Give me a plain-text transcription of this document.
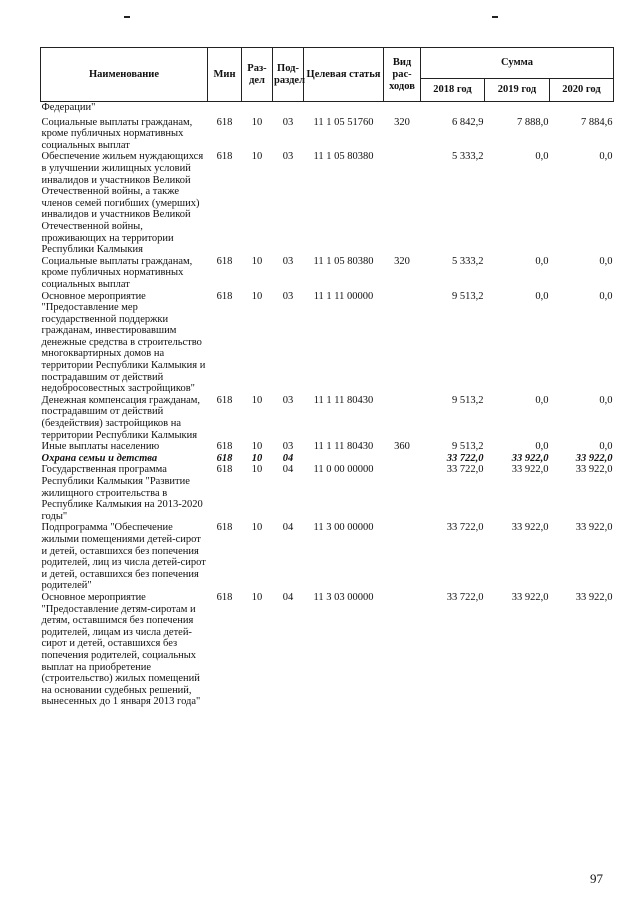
Наименование	Мин	Раз-дел	Под-раздел	Целевая статья	Вид рас-ходов	Сумма		
						2018 год	2019 год	2020 год
Федерации"								
Социальные выплаты гражданам, кроме публичных нормативных социальных выплат	618	10	03	11 1 05 51760	320	6 842,9	7 888,0	7 884,6
Обеспечение жильем нуждающихся в улучшении жилищных условий инвалидов и участников Великой Отечественной войны, а также членов семей погибших (умерших) инвалидов и участников Великой Отечественной войны, проживающих на территории Республики Калмыкия	618	10	03	11 1 05 80380		5 333,2	0,0	0,0
Социальные выплаты гражданам, кроме публичных нормативных социальных выплат	618	10	03	11 1 05 80380	320	5 333,2	0,0	0,0
Основное мероприятие "Предоставление мер государственной поддержки гражданам, инвестировавшим денежные средства в строительство многоквартирных домов на территории Республики Калмыкия и пострадавшим от действий недобросовестных застройщиков"	618	10	03	11 1 11 00000		9 513,2	0,0	0,0
Денежная компенсация гражданам, пострадавшим от действий (бездействия) застройщиков на территории Республики Калмыкия	618	10	03	11 1 11 80430		9 513,2	0,0	0,0
Иные выплаты населению	618	10	03	11 1 11 80430	360	9 513,2	0,0	0,0
Охрана семьи и детства	618	10	04			33 722,0	33 922,0	33 922,0
Государственная программа Республики Калмыкия "Развитие жилищного строительства в Республике Калмыкия на 2013-2020 годы"	618	10	04	11 0 00 00000		33 722,0	33 922,0	33 922,0
Подпрограмма "Обеспечение жилыми помещениями детей-сирот и детей, оставшихся без попечения родителей, лиц из числа детей-сирот и детей, оставшихся без попечения родителей"	618	10	04	11 3 00 00000		33 722,0	33 922,0	33 922,0
Основное мероприятие "Предоставление детям-сиротам и детям, оставшимся без попечения родителей, лицам из числа детей-сирот и детей, оставшихся без попечения родителей, социальных выплат на приобретение (строительство) жилых помещений на основании судебных решений, вынесенных до 1 января 2013 года"	618	10	04	11 3 03 00000		33 722,0	33 922,0	33 922,0
97
